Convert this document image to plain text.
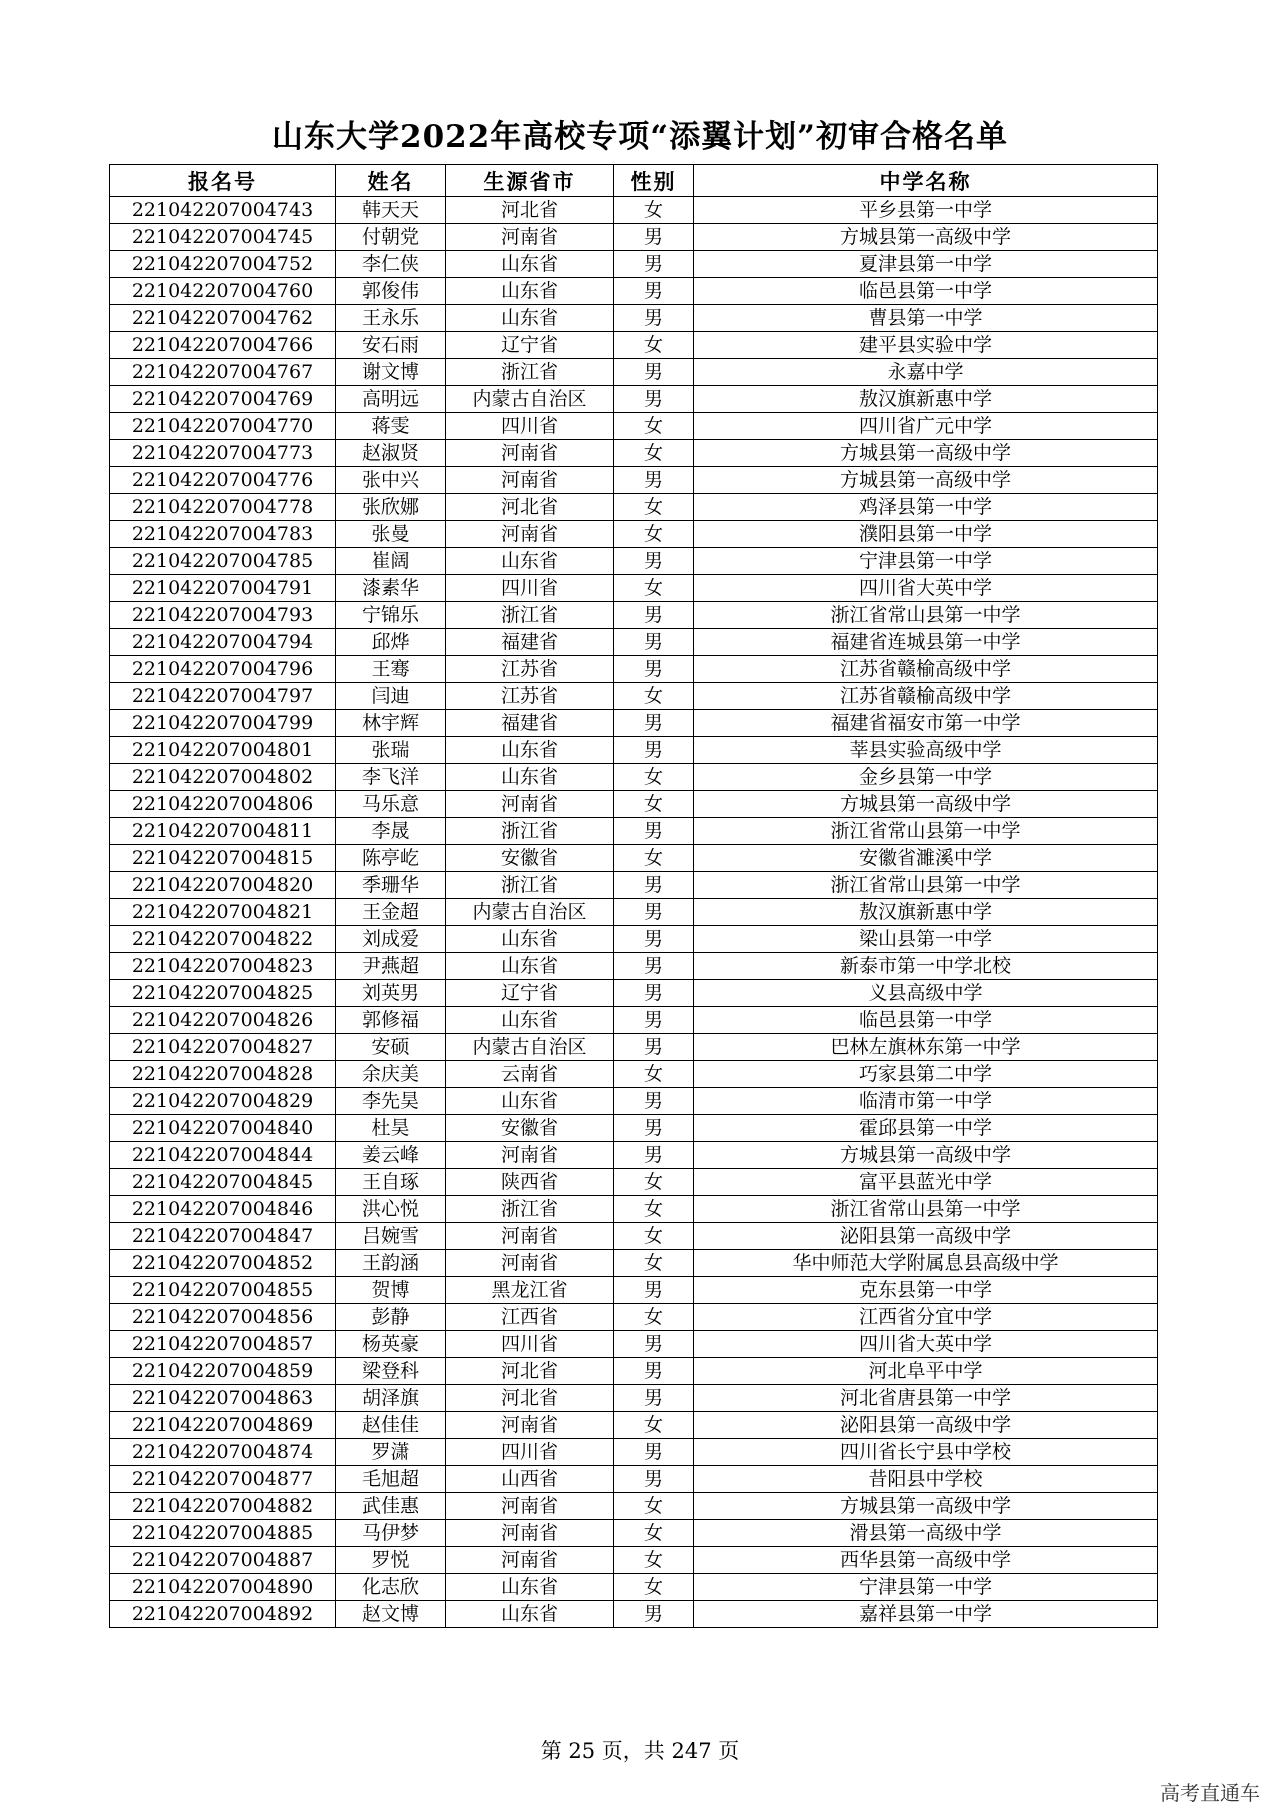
山东大学2022年高校专项“添翼计划”初审合格名单
报名号	姓名	生源省市	性别	中学名称
221042207004743	韩天天	河北省	女	平乡县第一中学
221042207004745	付朝党	河南省	男	方城县第一高级中学
221042207004752	李仁侠	山东省	男	夏津县第一中学
221042207004760	郭俊伟	山东省	男	临邑县第一中学
221042207004762	王永乐	山东省	男	曹县第一中学
221042207004766	安石雨	辽宁省	女	建平县实验中学
221042207004767	谢文博	浙江省	男	永嘉中学
221042207004769	高明远	内蒙古自治区	男	敖汉旗新惠中学
221042207004770	蒋雯	四川省	女	四川省广元中学
221042207004773	赵淑贤	河南省	女	方城县第一高级中学
221042207004776	张中兴	河南省	男	方城县第一高级中学
221042207004778	张欣娜	河北省	女	鸡泽县第一中学
221042207004783	张曼	河南省	女	濮阳县第一中学
221042207004785	崔阔	山东省	男	宁津县第一中学
221042207004791	漆素华	四川省	女	四川省大英中学
221042207004793	宁锦乐	浙江省	男	浙江省常山县第一中学
221042207004794	邱烨	福建省	男	福建省连城县第一中学
221042207004796	王骞	江苏省	男	江苏省赣榆高级中学
221042207004797	闫迪	江苏省	女	江苏省赣榆高级中学
221042207004799	林宇辉	福建省	男	福建省福安市第一中学
221042207004801	张瑞	山东省	男	莘县实验高级中学
221042207004802	李飞洋	山东省	女	金乡县第一中学
221042207004806	马乐意	河南省	女	方城县第一高级中学
221042207004811	李晟	浙江省	男	浙江省常山县第一中学
221042207004815	陈亭屹	安徽省	女	安徽省濉溪中学
221042207004820	季珊华	浙江省	男	浙江省常山县第一中学
221042207004821	王金超	内蒙古自治区	男	敖汉旗新惠中学
221042207004822	刘成爱	山东省	男	梁山县第一中学
221042207004823	尹燕超	山东省	男	新泰市第一中学北校
221042207004825	刘英男	辽宁省	男	义县高级中学
221042207004826	郭修福	山东省	男	临邑县第一中学
221042207004827	安硕	内蒙古自治区	男	巴林左旗林东第一中学
221042207004828	余庆美	云南省	女	巧家县第二中学
221042207004829	李先昊	山东省	男	临清市第一中学
221042207004840	杜昊	安徽省	男	霍邱县第一中学
221042207004844	姜云峰	河南省	男	方城县第一高级中学
221042207004845	王自琢	陕西省	女	富平县蓝光中学
221042207004846	洪心悦	浙江省	女	浙江省常山县第一中学
221042207004847	吕婉雪	河南省	女	泌阳县第一高级中学
221042207004852	王韵涵	河南省	女	华中师范大学附属息县高级中学
221042207004855	贺博	黑龙江省	男	克东县第一中学
221042207004856	彭静	江西省	女	江西省分宜中学
221042207004857	杨英豪	四川省	男	四川省大英中学
221042207004859	梁登科	河北省	男	河北阜平中学
221042207004863	胡泽旗	河北省	男	河北省唐县第一中学
221042207004869	赵佳佳	河南省	女	泌阳县第一高级中学
221042207004874	罗潇	四川省	男	四川省长宁县中学校
221042207004877	毛旭超	山西省	男	昔阳县中学校
221042207004882	武佳惠	河南省	女	方城县第一高级中学
221042207004885	马伊梦	河南省	女	滑县第一高级中学
221042207004887	罗悦	河南省	女	西华县第一高级中学
221042207004890	化志欣	山东省	女	宁津县第一中学
221042207004892	赵文博	山东省	男	嘉祥县第一中学
第 25 页，共 247 页
高考直通车
